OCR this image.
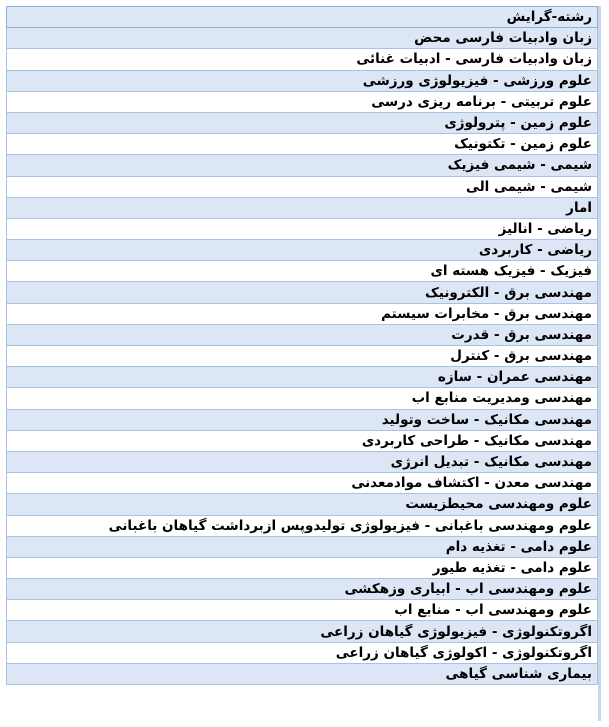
رشته-گرایش
زبان وادبیات فارسی محض
زبان وادبیات فارسی - ادبیات غنائی
علوم ورزشی - فیزیولوژی ورزشی
علوم تربیتی - برنامه ریزی درسی
علوم زمین - پترولوژی
علوم زمین - تکتونیک
شیمی - شیمی فیزیک
شیمی - شیمی الی
امار
ریاضی - انالیز
ریاضی - کاربردی
فیزیک - فیزیک هسته ای
مهندسی برق - الکترونیک
مهندسی برق - مخابرات سیستم
مهندسی برق - قدرت
مهندسی برق - کنترل
مهندسی عمران - سازه
مهندسی ومدیریت منابع اب
مهندسی مکانیک - ساخت وتولید
مهندسی مکانیک - طراحی کاربردی
مهندسی مکانیک - تبدیل انرژی
مهندسی معدن - اکتشاف موادمعدنی
علوم ومهندسی محیطزیست
علوم ومهندسی باغبانی - فیزیولوژی تولیدوپس ازبرداشت گیاهان باغبانی
علوم دامی - تغذیه دام
علوم دامی - تغذیه طیور
علوم ومهندسی اب - ابیاری وزهکشی
علوم ومهندسی اب - منابع اب
اگروتکنولوژی - فیزیولوژی گیاهان زراعی
اگروتکنولوژی - اکولوژی گیاهان زراعی
بیماری شناسی گیاهی
